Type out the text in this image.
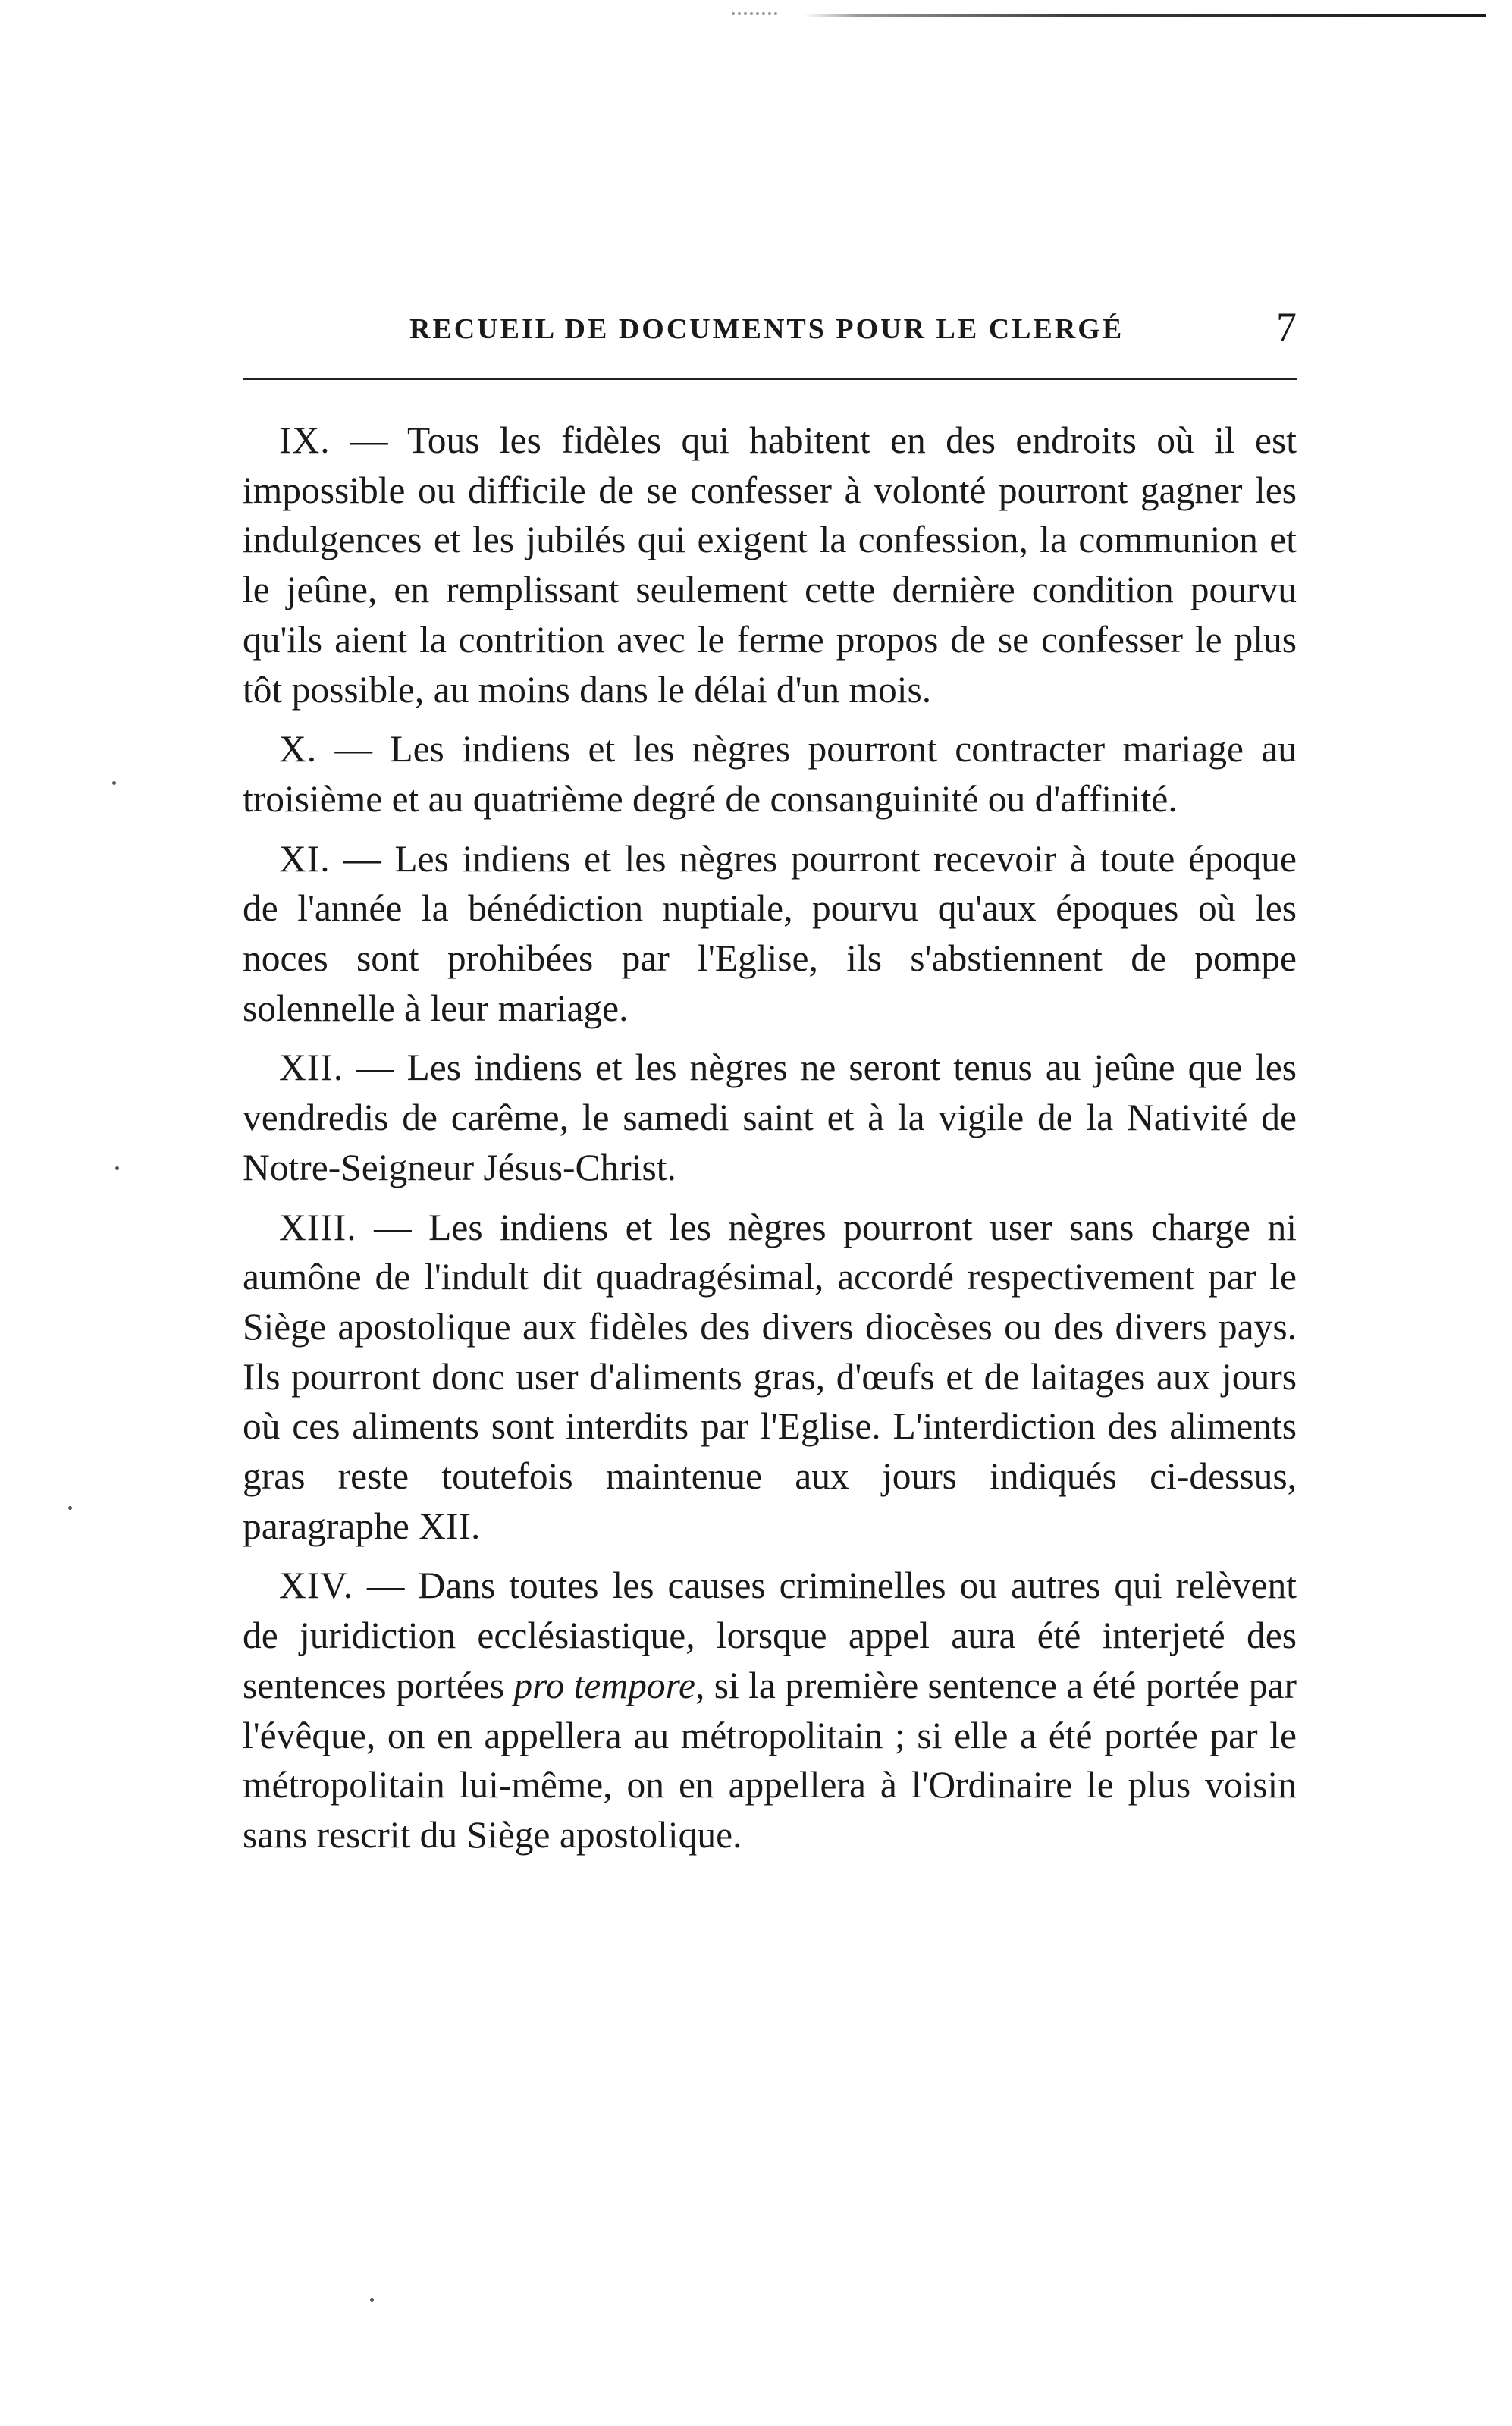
RECUEIL DE DOCUMENTS POUR LE CLERGÉ	7

IX. — Tous les fidèles qui habitent en des endroits où il est impossible ou difficile de se confesser à volonté pourront gagner les indulgences et les jubilés qui exigent la confession, la communion et le jeûne, en remplissant seulement cette dernière condition pourvu qu'ils aient la contrition avec le ferme propos de se confesser le plus tôt possible, au moins dans le délai d'un mois.

X. — Les indiens et les nègres pourront contracter mariage au troisième et au quatrième degré de consanguinité ou d'affinité.

XI. — Les indiens et les nègres pourront recevoir à toute époque de l'année la bénédiction nuptiale, pourvu qu'aux époques où les noces sont prohibées par l'Eglise, ils s'abstiennent de pompe solennelle à leur mariage.

XII. — Les indiens et les nègres ne seront tenus au jeûne que les vendredis de carême, le samedi saint et à la vigile de la Nativité de Notre-Seigneur Jésus-Christ.

XIII. — Les indiens et les nègres pourront user sans charge ni aumône de l'indult dit quadragésimal, accordé respectivement par le Siège apostolique aux fidèles des divers diocèses ou des divers pays. Ils pourront donc user d'aliments gras, d'œufs et de laitages aux jours où ces aliments sont interdits par l'Eglise. L'interdiction des aliments gras reste toutefois maintenue aux jours indiqués ci-dessus, paragraphe XII.

XIV. — Dans toutes les causes criminelles ou autres qui relèvent de juridiction ecclésiastique, lorsque appel aura été interjeté des sentences portées pro tempore, si la première sentence a été portée par l'évêque, on en appellera au métropolitain ; si elle a été portée par le métropolitain lui-même, on en appellera à l'Ordinaire le plus voisin sans rescrit du Siège apostolique.
